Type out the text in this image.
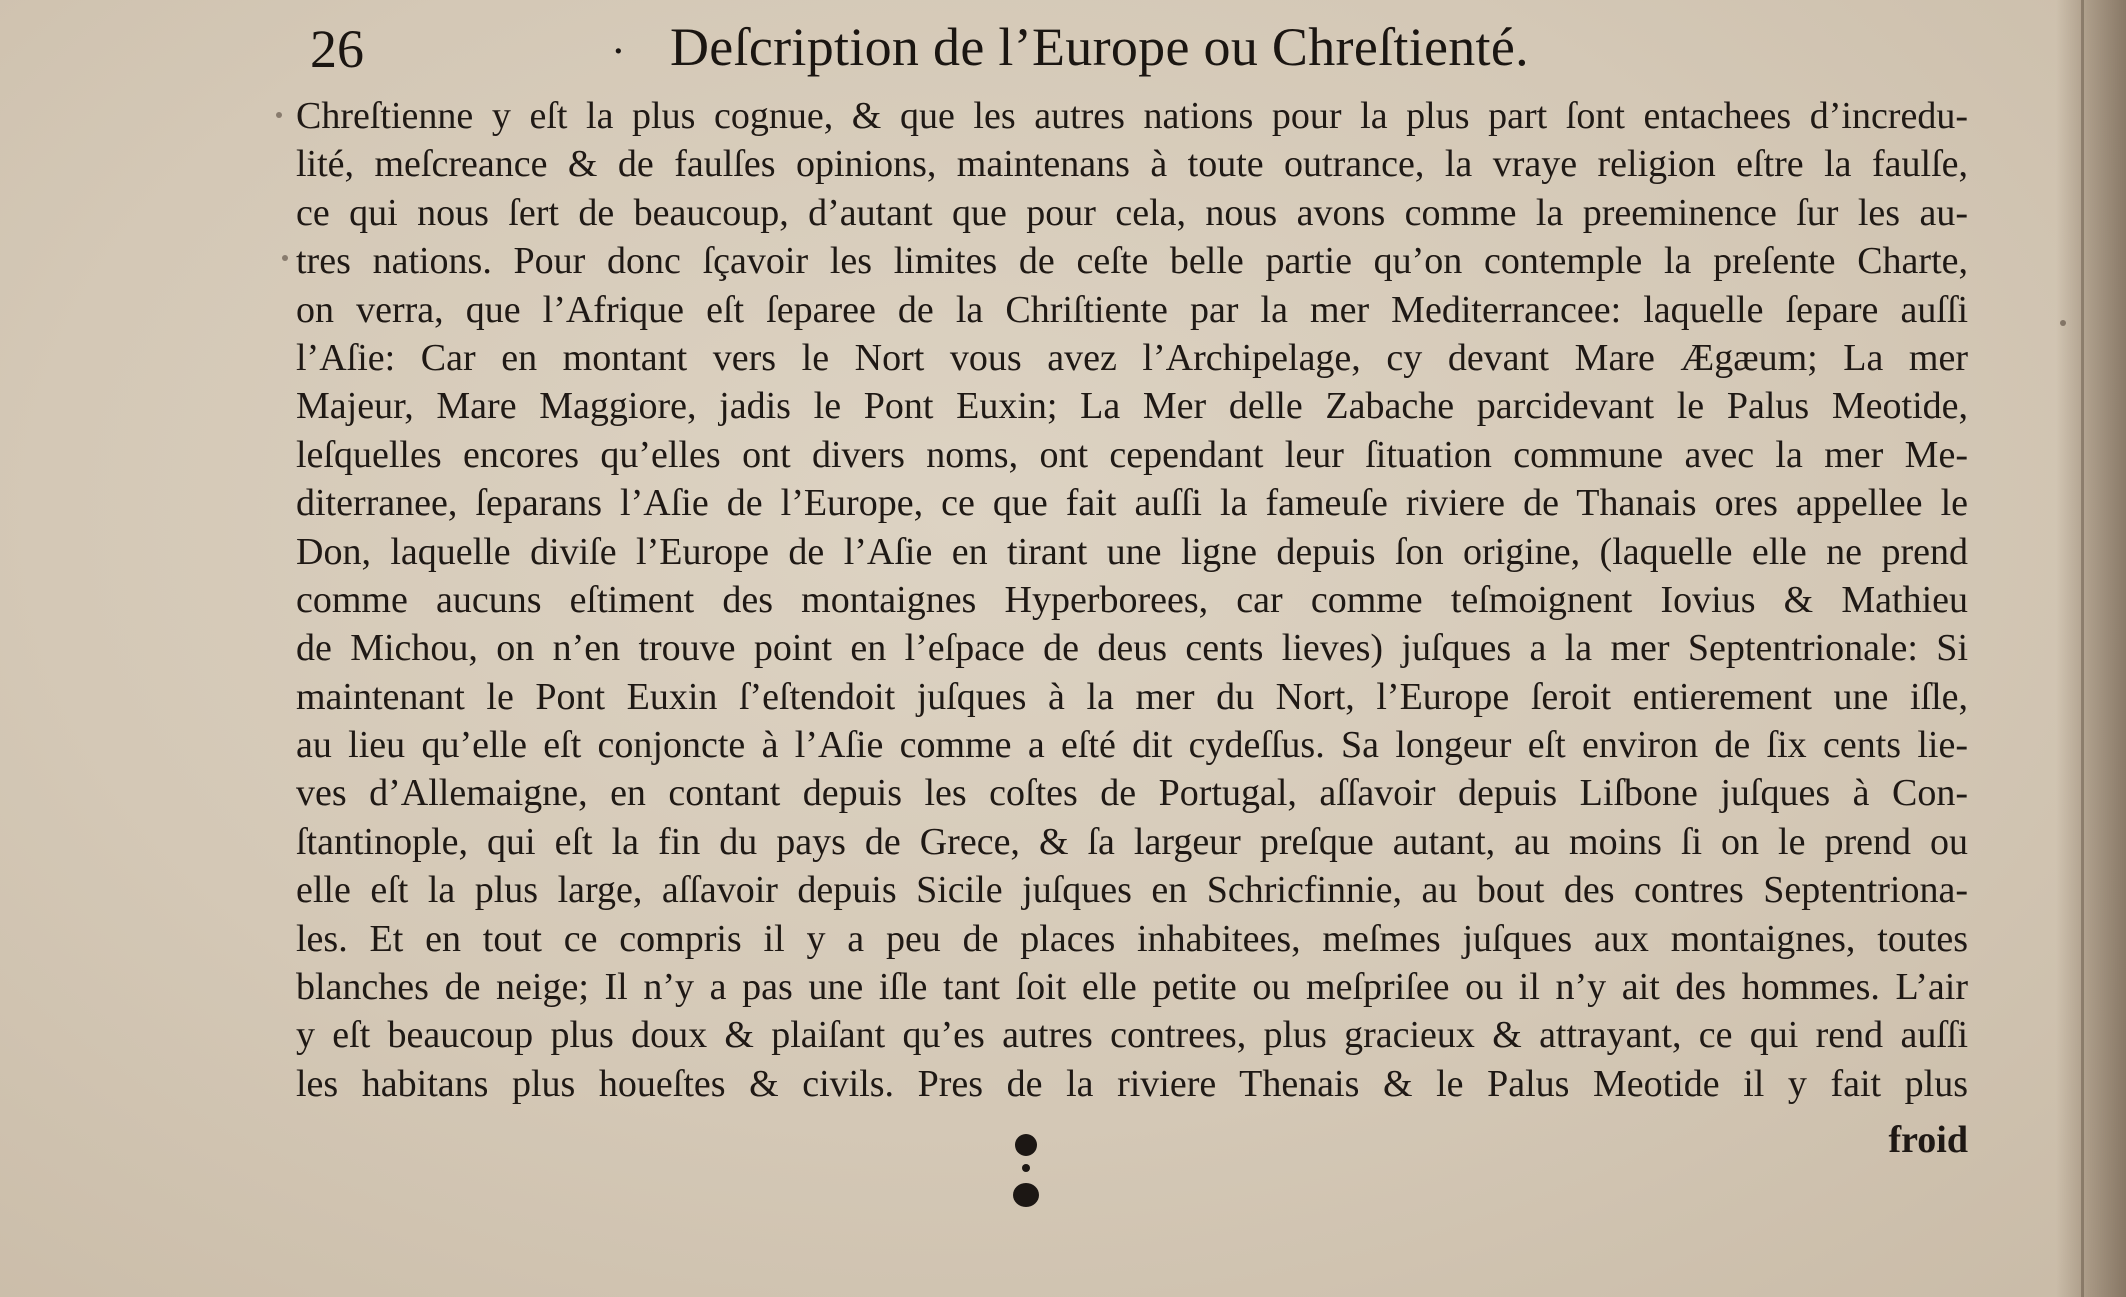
26	· Deſcription de l’Europe ou Chreſtienté.
Chreſtienne y eſt la plus cognue, & que les autres nations pour la plus part ſont entachees d’incredu-
lité, meſcreance & de faulſes opinions, maintenans à toute outrance, la vraye religion eſtre la faulſe,
ce qui nous ſert de beaucoup, d’autant que pour cela, nous avons comme la preeminence ſur les au-
tres nations. Pour donc ſçavoir les limites de ceſte belle partie qu’on contemple la preſente Charte,
on verra, que l’Afrique eſt ſeparee de la Chriſtiente par la mer Mediterrancee: laquelle ſepare auſſi
l’Aſie: Car en montant vers le Nort vous avez l’Archipelage, cy devant Mare Ægæum; La mer
Majeur, Mare Maggiore, jadis le Pont Euxin; La Mer delle Zabache parcidevant le Palus Meotide,
leſquelles encores qu’elles ont divers noms, ont cependant leur ſituation commune avec la mer Me-
diterranee, ſeparans l’Aſie de l’Europe, ce que fait auſſi la fameuſe riviere de Thanais ores appellee le
Don, laquelle diviſe l’Europe de l’Aſie en tirant une ligne depuis ſon origine, (laquelle elle ne prend
comme aucuns eſtiment des montaignes Hyperborees, car comme teſmoignent Iovius & Mathieu
de Michou, on n’en trouve point en l’eſpace de deus cents lieves) juſques a la mer Septentrionale: Si
maintenant le Pont Euxin ſ’eſtendoit juſques à la mer du Nort, l’Europe ſeroit entierement une iſle,
au lieu qu’elle eſt conjoncte à l’Aſie comme a eſté dit cydeſſus. Sa longeur eſt environ de ſix cents lie-
ves d’Allemaigne, en contant depuis les coſtes de Portugal, aſſavoir depuis Liſbone juſques à Con-
ſtantinople, qui eſt la fin du pays de Grece, & ſa largeur preſque autant, au moins ſi on le prend ou
elle eſt la plus large, aſſavoir depuis Sicile juſques en Schricfinnie, au bout des contres Septentriona-
les. Et en tout ce compris il y a peu de places inhabitees, meſmes juſques aux montaignes, toutes
blanches de neige; Il n’y a pas une iſle tant ſoit elle petite ou meſpriſee ou il n’y ait des hommes. L’air
y eſt beaucoup plus doux & plaiſant qu’es autres contrees, plus gracieux & attrayant, ce qui rend auſſi
les habitans plus houeſtes & civils. Pres de la riviere Thenais & le Palus Meotide il y fait plus
froid
